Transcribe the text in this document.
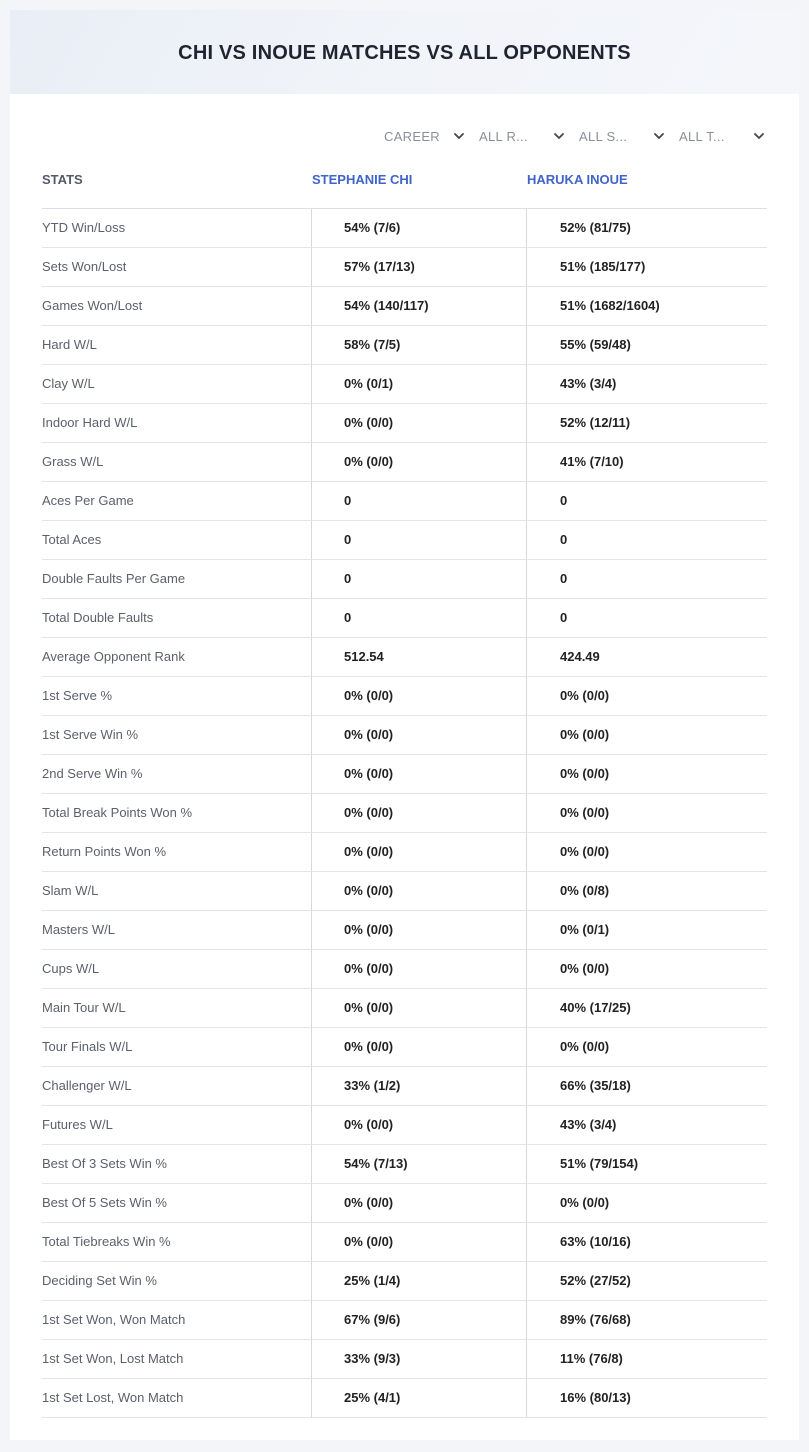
CHI VS INOUE MATCHES VS ALL OPPONENTS
CAREER	ALL R...	ALL S...	ALL T...
STATS	STEPHANIE CHI	HARUKA INOUE
YTD Win/Loss	54% (7/6)	52% (81/75)
Sets Won/Lost	57% (17/13)	51% (185/177)
Games Won/Lost	54% (140/117)	51% (1682/1604)
Hard W/L	58% (7/5)	55% (59/48)
Clay W/L	0% (0/1)	43% (3/4)
Indoor Hard W/L	0% (0/0)	52% (12/11)
Grass W/L	0% (0/0)	41% (7/10)
Aces Per Game	0	0
Total Aces	0	0
Double Faults Per Game	0	0
Total Double Faults	0	0
Average Opponent Rank	512.54	424.49
1st Serve %	0% (0/0)	0% (0/0)
1st Serve Win %	0% (0/0)	0% (0/0)
2nd Serve Win %	0% (0/0)	0% (0/0)
Total Break Points Won %	0% (0/0)	0% (0/0)
Return Points Won %	0% (0/0)	0% (0/0)
Slam W/L	0% (0/0)	0% (0/8)
Masters W/L	0% (0/0)	0% (0/1)
Cups W/L	0% (0/0)	0% (0/0)
Main Tour W/L	0% (0/0)	40% (17/25)
Tour Finals W/L	0% (0/0)	0% (0/0)
Challenger W/L	33% (1/2)	66% (35/18)
Futures W/L	0% (0/0)	43% (3/4)
Best Of 3 Sets Win %	54% (7/13)	51% (79/154)
Best Of 5 Sets Win %	0% (0/0)	0% (0/0)
Total Tiebreaks Win %	0% (0/0)	63% (10/16)
Deciding Set Win %	25% (1/4)	52% (27/52)
1st Set Won, Won Match	67% (9/6)	89% (76/68)
1st Set Won, Lost Match	33% (9/3)	11% (76/8)
1st Set Lost, Won Match	25% (4/1)	16% (80/13)
